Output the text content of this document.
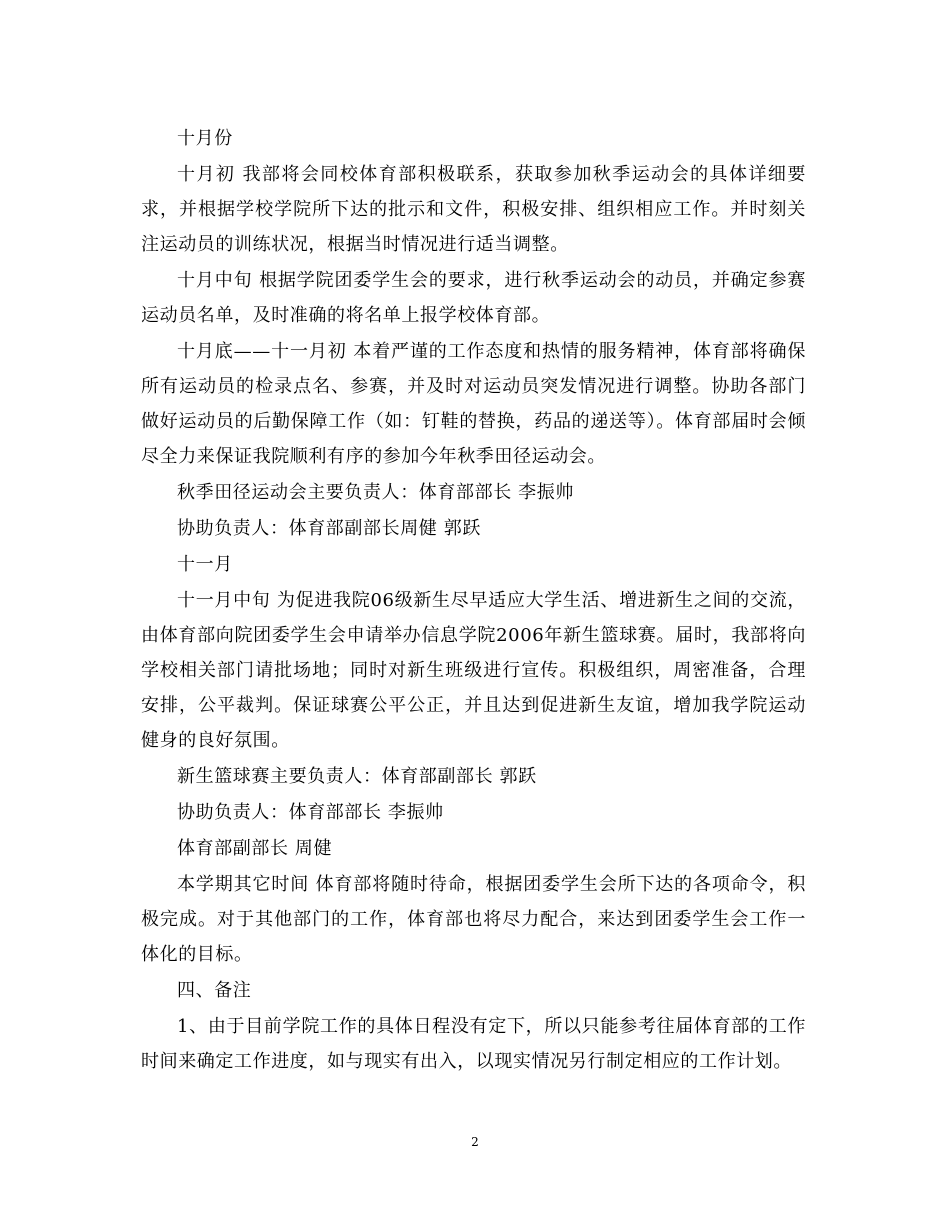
十月份

十月初 我部将会同校体育部积极联系，获取参加秋季运动会的具体详细要求，并根据学校学院所下达的批示和文件，积极安排、组织相应工作。并时刻关注运动员的训练状况，根据当时情况进行适当调整。

十月中旬 根据学院团委学生会的要求，进行秋季运动会的动员，并确定参赛运动员名单，及时准确的将名单上报学校体育部。

十月底——十一月初 本着严谨的工作态度和热情的服务精神，体育部将确保所有运动员的检录点名、参赛，并及时对运动员突发情况进行调整。协助各部门做好运动员的后勤保障工作（如：钉鞋的替换，药品的递送等）。体育部届时会倾尽全力来保证我院顺利有序的参加今年秋季田径运动会。

秋季田径运动会主要负责人：体育部部长 李振帅

协助负责人：体育部副部长周健 郭跃

十一月

十一月中旬 为促进我院06级新生尽早适应大学生活、增进新生之间的交流，由体育部向院团委学生会申请举办信息学院2006年新生篮球赛。届时，我部将向学校相关部门请批场地；同时对新生班级进行宣传。积极组织，周密准备，合理安排，公平裁判。保证球赛公平公正，并且达到促进新生友谊，增加我学院运动健身的良好氛围。

新生篮球赛主要负责人：体育部副部长 郭跃

协助负责人：体育部部长 李振帅

体育部副部长 周健

本学期其它时间 体育部将随时待命，根据团委学生会所下达的各项命令，积极完成。对于其他部门的工作，体育部也将尽力配合，来达到团委学生会工作一体化的目标。

四、备注

1、由于目前学院工作的具体日程没有定下，所以只能参考往届体育部的工作时间来确定工作进度，如与现实有出入，以现实情况另行制定相应的工作计划。

2
